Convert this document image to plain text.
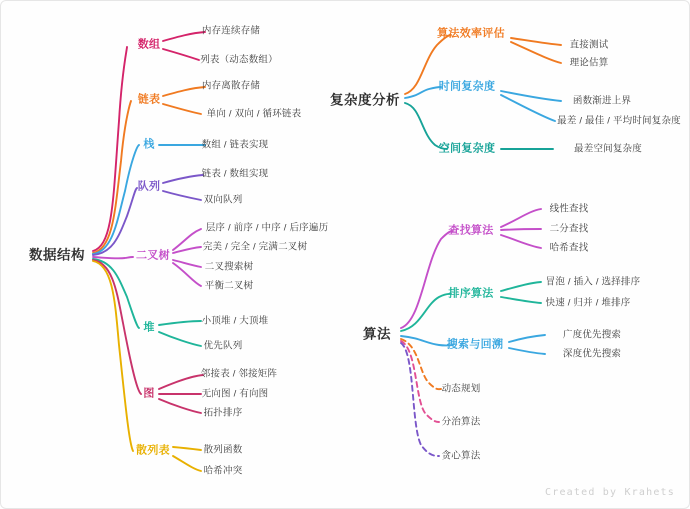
数据结构
复杂度分析
算法
数组
内存连续存储
列表（动态数组）
链表
内存离散存储
单向 / 双向 / 循环链表
栈	数组 / 链表实现
队列
链表 / 数组实现
双向队列
二叉树
层序 / 前序 / 中序 / 后序遍历
完美 / 完全 / 完满二叉树
二叉搜索树
平衡二叉树
堆
小顶堆 / 大顶堆
优先队列
图
邻接表 / 邻接矩阵
无向图 / 有向图
拓扑排序
散列表	散列函数
哈希冲突
算法效率评估
直接测试
理论估算
时间复杂度
函数渐进上界
最差 / 最佳 / 平均时间复杂度
空间复杂度	最差空间复杂度
查找算法
线性查找
二分查找
哈希查找
排序算法
冒泡 / 插入 / 选择排序
快速 / 归并 / 堆排序
搜索与回溯
广度优先搜索
深度优先搜索
动态规划
分治算法
贪心算法
Created by Krahets
